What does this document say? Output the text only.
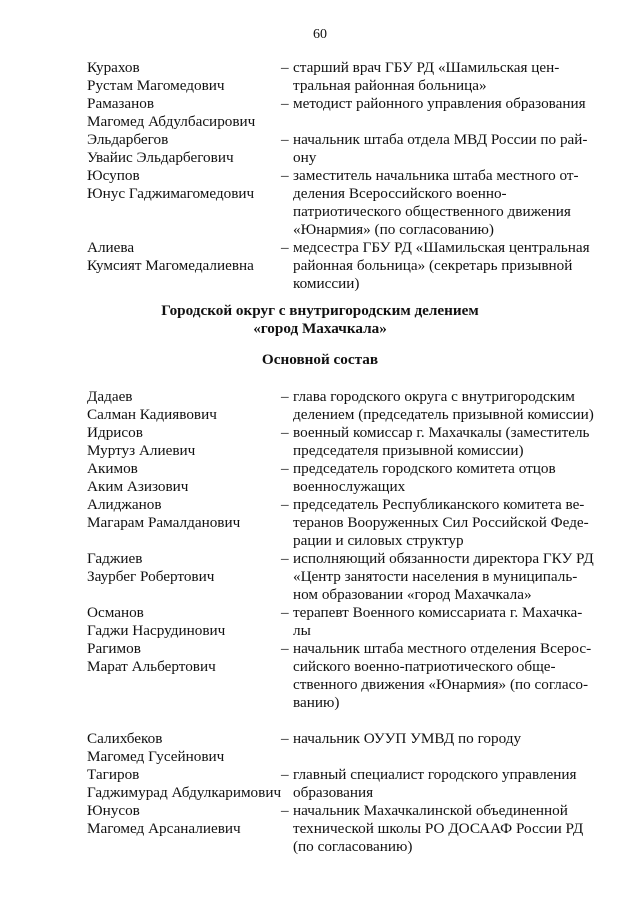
60
Курахов
Рустам Магомедович
– старший врач ГБУ РД «Шамильская цен-
тральная районная больница»
Рамазанов
Магомед Абдулбасирович
– методист районного управления образования
Эльдарбегов
Увайис Эльдарбегович
– начальник штаба отдела МВД России по рай-
ону
Юсупов
Юнус Гаджимагомедович
– заместитель начальника штаба местного от-
деления Всероссийского военно-
патриотического общественного движения
«Юнармия» (по согласованию)
Алиева
Кумсият Магомедалиевна
– медсестра ГБУ РД «Шамильская центральная
районная больница» (секретарь призывной
комиссии)
Городской округ с внутригородским делением
«город Махачкала»
Основной состав
Дадаев
Салман Кадиявович
– глава городского округа с внутригородским
делением (председатель призывной комиссии)
Идрисов
Муртуз Алиевич
– военный комиссар г. Махачкалы (заместитель
председателя призывной комиссии)
Акимов
Аким Азизович
– председатель городского комитета отцов
военнослужащих
Алиджанов
Магарам Рамалданович
– председатель Республиканского комитета ве-
теранов Вооруженных Сил Российской Феде-
рации и силовых структур
Гаджиев
Заурбег Робертович
– исполняющий обязанности директора ГКУ РД
«Центр занятости населения в муниципаль-
ном образовании «город Махачкала»
Османов
Гаджи Насрудинович
– терапевт Военного комиссариата г. Махачка-
лы
Рагимов
Марат Альбертович
– начальник штаба местного отделения Всерос-
сийского военно-патриотического обще-
ственного движения «Юнармия» (по согласо-
ванию)
Салихбеков
Магомед Гусейнович
– начальник ОУУП УМВД по городу
Тагиров
Гаджимурад Абдулкаримович
– главный специалист городского управления
образования
Юнусов
Магомед Арсаналиевич
– начальник Махачкалинской объединенной
технической школы РО ДОСААФ России РД
(по согласованию)
